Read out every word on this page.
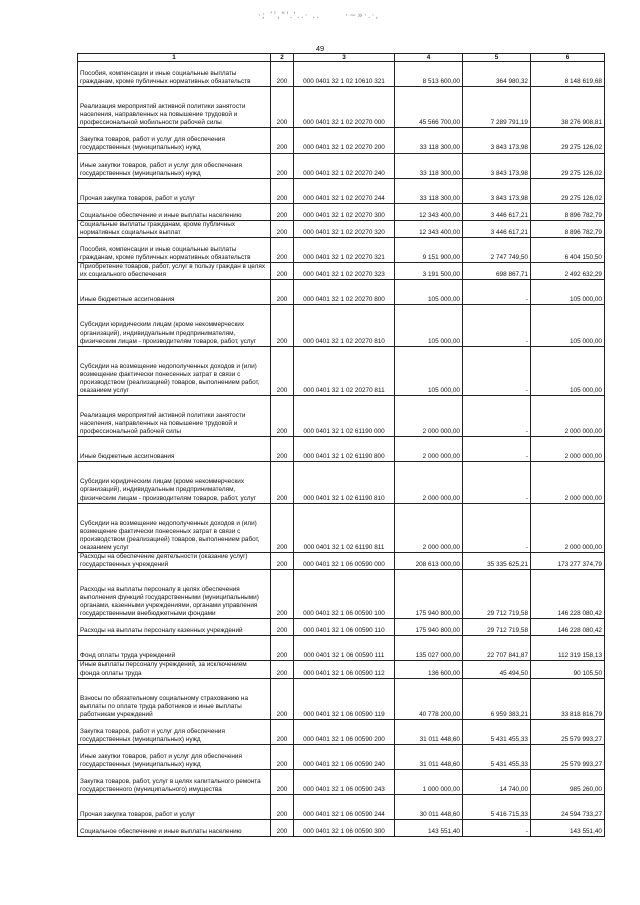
·; ’',"'.'..· ..	·~»·.·,
49
1	2	3	4	5	6
Пособия, компенсации и иные социальные выплаты гражданам, кроме публичных нормативных обязательств	200	000 0401 32 1 02 10610 321	8 513 600,00	364 980,32	8 148 619,68
Реализация мероприятий активной политики занятости населения, направленных на повышение трудовой и профессиональной мобильности рабочей силы	200	000 0401 32 1 02 20270 000	45 566 700,00	7 289 791,19	38 276 908,81
Закупка товаров, работ и услуг для обеспечения государственных (муниципальных) нужд	200	000 0401 32 1 02 20270 200	33 118 300,00	3 843 173,98	29 275 126,02
Иные закупки товаров, работ и услуг для обеспечения государственных (муниципальных) нужд	200	000 0401 32 1 02 20270 240	33 118 300,00	3 843 173,98	29 275 126,02
Прочая закупка товаров, работ и услуг	200	000 0401 32 1 02 20270 244	33 118 300,00	3 843 173,98	29 275 126,02
Социальное обеспечение и иные выплаты населению	200	000 0401 32 1 02 20270 300	12 343 400,00	3 446 617,21	8 896 782,79
Социальные выплаты гражданам, кроме публичных нормативных социальных выплат	200	000 0401 32 1 02 20270 320	12 343 400,00	3 446 617,21	8 896 782,79
Пособия, компенсации и иные социальные выплаты гражданам, кроме публичных нормативных обязательств	200	000 0401 32 1 02 20270 321	9 151 900,00	2 747 749,50	6 404 150,50
Приобретение товаров, работ, услуг в пользу граждан в целях их социального обеспечения	200	000 0401 32 1 02 20270 323	3 191 500,00	698 867,71	2 492 632,29
Иные бюджетные ассигнования	200	000 0401 32 1 02 20270 800	105 000,00	-	105 000,00
Субсидии юридическим лицам (кроме некоммерческих организаций), индивидуальным предпринимателям, физическим лицам - производителям товаров, работ, услуг	200	000 0401 32 1 02 20270 810	105 000,00	-	105 000,00
Субсидии на возмещение недополученных доходов и (или) возмещение фактически понесенных затрат в связи с производством (реализацией) товаров, выполнением работ, оказанием услуг	200	000 0401 32 1 02 20270 811	105 000,00	-	105 000,00
Реализация мероприятий активной политики занятости населения, направленных на повышение трудовой и профессиональной рабочей силы	200	000 0401 32 1 02 61190 000	2 000 000,00	-	2 000 000,00
Иные бюджетные ассигнования	200	000 0401 32 1 02 61190 800	2 000 000,00	-	2 000 000,00
Субсидии юридическим лицам (кроме некоммерческих организаций), индивидуальным предпринимателям, физическим лицам - производителям товаров, работ, услуг	200	000 0401 32 1 02 61190 810	2 000 000,00	-	2 000 000,00
Субсидии на возмещение недополученных доходов и (или) возмещение фактически понесенных затрат в связи с производством (реализацией) товаров, выполнением работ, оказанием услуг	200	000 0401 32 1 02 61190 811	2 000 000,00	-	2 000 000,00
Расходы на обеспечение деятельности (оказание услуг) государственных учреждений	200	000 0401 32 1 06 00590 000	208 613 000,00	35 335 625,21	173 277 374,79
Расходы на выплаты персоналу в целях обеспечения выполнения функций государственными (муниципальными) органами, казенными учреждениями, органами управления государственными внебюджетными фондами	200	000 0401 32 1 06 00590 100	175 940 800,00	29 712 719,58	146 228 080,42
Расходы на выплаты персоналу казенных учреждений	200	000 0401 32 1 06 00590 110	175 940 800,00	29 712 719,58	146 228 080,42
Фонд оплаты труда учреждений	200	000 0401 32 1 06 00590 111	135 027 000,00	22 707 841,87	112 319 158,13
Иные выплаты персоналу учреждений, за исключением фонда оплаты труда	200	000 0401 32 1 06 00590 112	136 600,00	45 494,50	90 105,50
Взносы по обязательному социальному страхованию на выплаты по оплате труда работников и иные выплаты работникам учреждений	200	000 0401 32 1 06 00590 119	40 778 200,00	6 959 383,21	33 818 816,79
Закупка товаров, работ и услуг для обеспечения государственных (муниципальных) нужд	200	000 0401 32 1 06 00590 200	31 011 448,60	5 431 455,33	25 579 993,27
Иные закупки товаров, работ и услуг для обеспечения государственных (муниципальных) нужд	200	000 0401 32 1 06 00590 240	31 011 448,60	5 431 455,33	25 579 993,27
Закупка товаров, работ, услуг в целях капитального ремонта государственного (муниципального) имущества	200	000 0401 32 1 06 00590 243	1 000 000,00	14 740,00	985 260,00
Прочая закупка товаров, работ и услуг	200	000 0401 32 1 06 00590 244	30 011 448,60	5 416 715,33	24 594 733,27
Социальное обеспечение и иные выплаты населению	200	000 0401 32 1 06 00590 300	143 551,40	-	143 551,40
